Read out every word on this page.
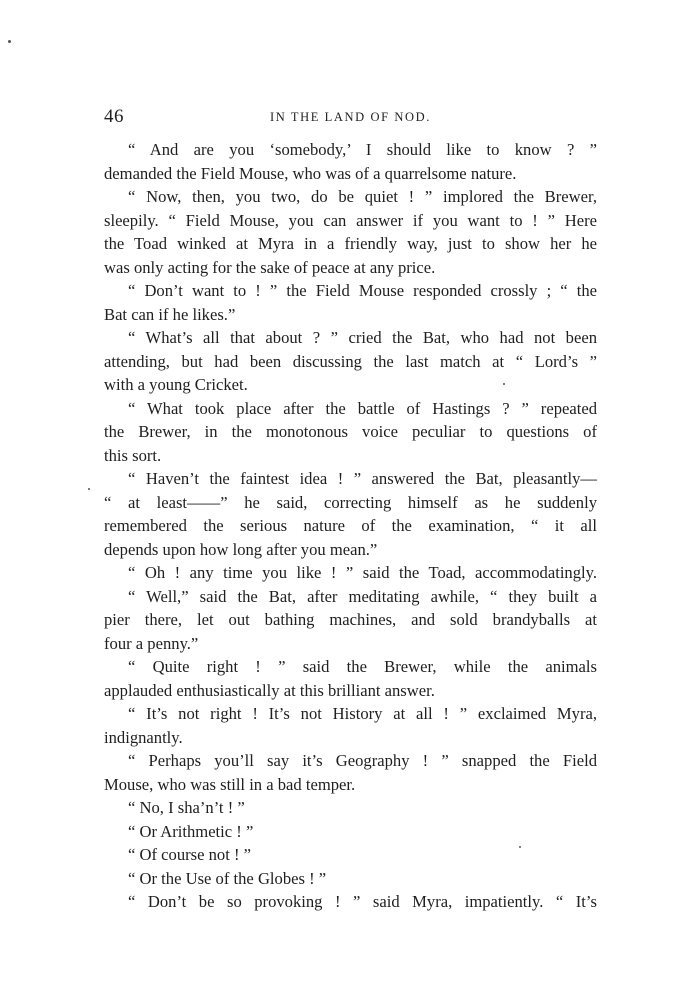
46	IN THE LAND OF NOD.
“ And are you ‘somebody,’ I should like to know ? ”
demanded the Field Mouse, who was of a quarrelsome nature.
“ Now, then, you two, do be quiet ! ” implored the Brewer,
sleepily. “ Field Mouse, you can answer if you want to ! ” Here
the Toad winked at Myra in a friendly way, just to show her he
was only acting for the sake of peace at any price.
“ Don’t want to ! ” the Field Mouse responded crossly ; “ the
Bat can if he likes.”
“ What’s all that about ? ” cried the Bat, who had not been
attending, but had been discussing the last match at “ Lord’s ”
with a young Cricket.
“ What took place after the battle of Hastings ? ” repeated
the Brewer, in the monotonous voice peculiar to questions of
this sort.
“ Haven’t the faintest idea ! ” answered the Bat, pleasantly—
“ at least——” he said, correcting himself as he suddenly
remembered the serious nature of the examination, “ it all
depends upon how long after you mean.”
“ Oh ! any time you like ! ” said the Toad, accommodatingly.
“ Well,” said the Bat, after meditating awhile, “ they built a
pier there, let out bathing machines, and sold brandyballs at
four a penny.”
“ Quite right ! ” said the Brewer, while the animals
applauded enthusiastically at this brilliant answer.
“ It’s not right ! It’s not History at all ! ” exclaimed Myra,
indignantly.
“ Perhaps you’ll say it’s Geography ! ” snapped the Field
Mouse, who was still in a bad temper.
“ No, I sha’n’t ! ”
“ Or Arithmetic ! ”
“ Of course not ! ”
“ Or the Use of the Globes ! ”
“ Don’t be so provoking ! ” said Myra, impatiently. “ It’s
